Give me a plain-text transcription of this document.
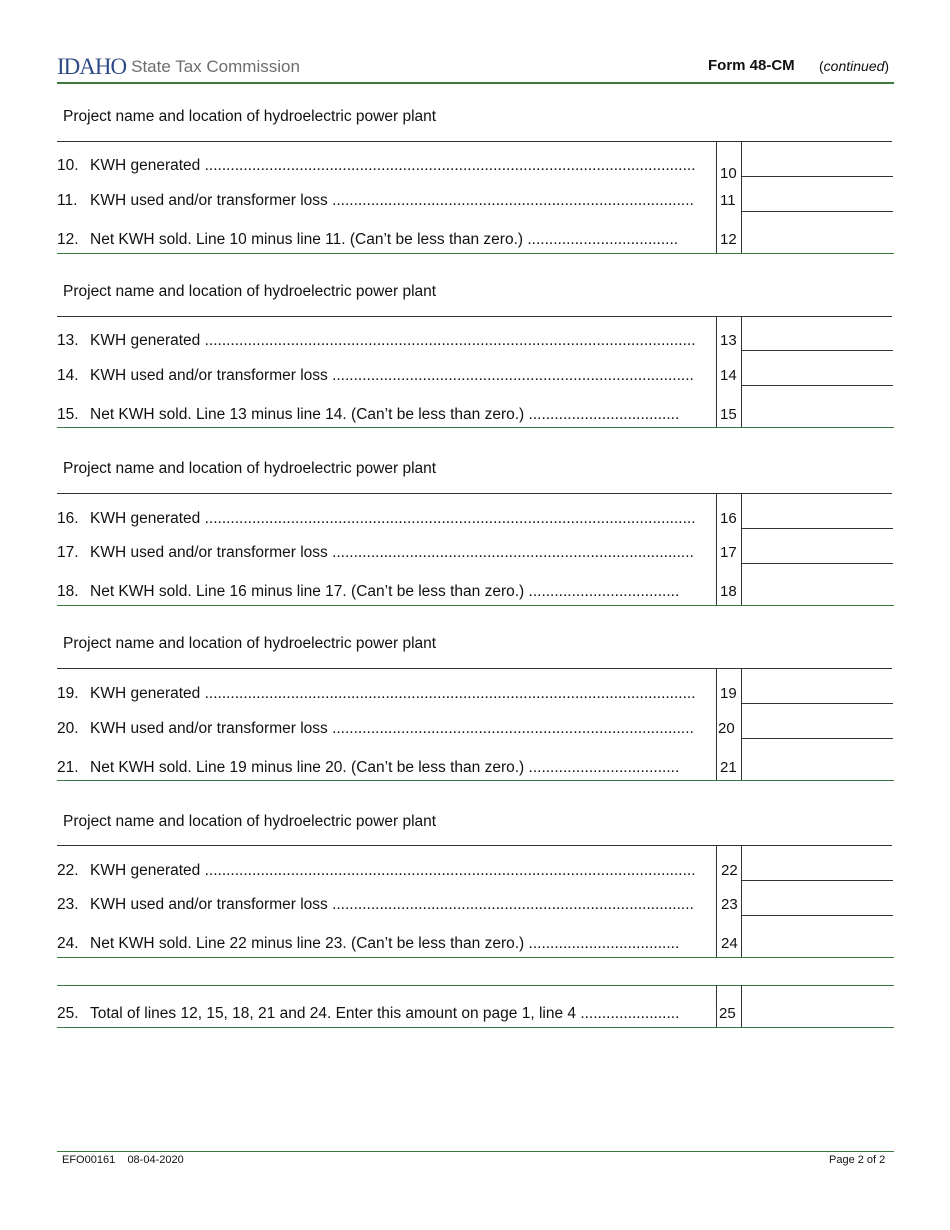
IDAHO State Tax Commission	Form 48-CM (continued)
Project name and location of hydroelectric power plant
10. KWH generated ..................................................................................................................	10
11. KWH used and/or transformer loss ....................................................................................	11
12. Net KWH sold. Line 10 minus line 11. (Can’t be less than zero.) ...................................	12
Project name and location of hydroelectric power plant
13. KWH generated ..................................................................................................................	13
14. KWH used and/or transformer loss ....................................................................................	14
15. Net KWH sold. Line 13 minus line 14. (Can’t be less than zero.) ...................................	15
Project name and location of hydroelectric power plant
16. KWH generated ..................................................................................................................	16
17. KWH used and/or transformer loss ....................................................................................	17
18. Net KWH sold. Line 16 minus line 17. (Can’t be less than zero.) ...................................	18
Project name and location of hydroelectric power plant
19. KWH generated ..................................................................................................................	19
20. KWH used and/or transformer loss ....................................................................................	20
21. Net KWH sold. Line 19 minus line 20. (Can’t be less than zero.) ...................................	21
Project name and location of hydroelectric power plant
22. KWH generated ..................................................................................................................	22
23. KWH used and/or transformer loss ....................................................................................	23
24. Net KWH sold. Line 22 minus line 23. (Can’t be less than zero.) ...................................	24
25. Total of lines 12, 15, 18, 21 and 24. Enter this amount on page 1, line 4 .......................	25
EFO00161 08-04-2020	Page 2 of 2
